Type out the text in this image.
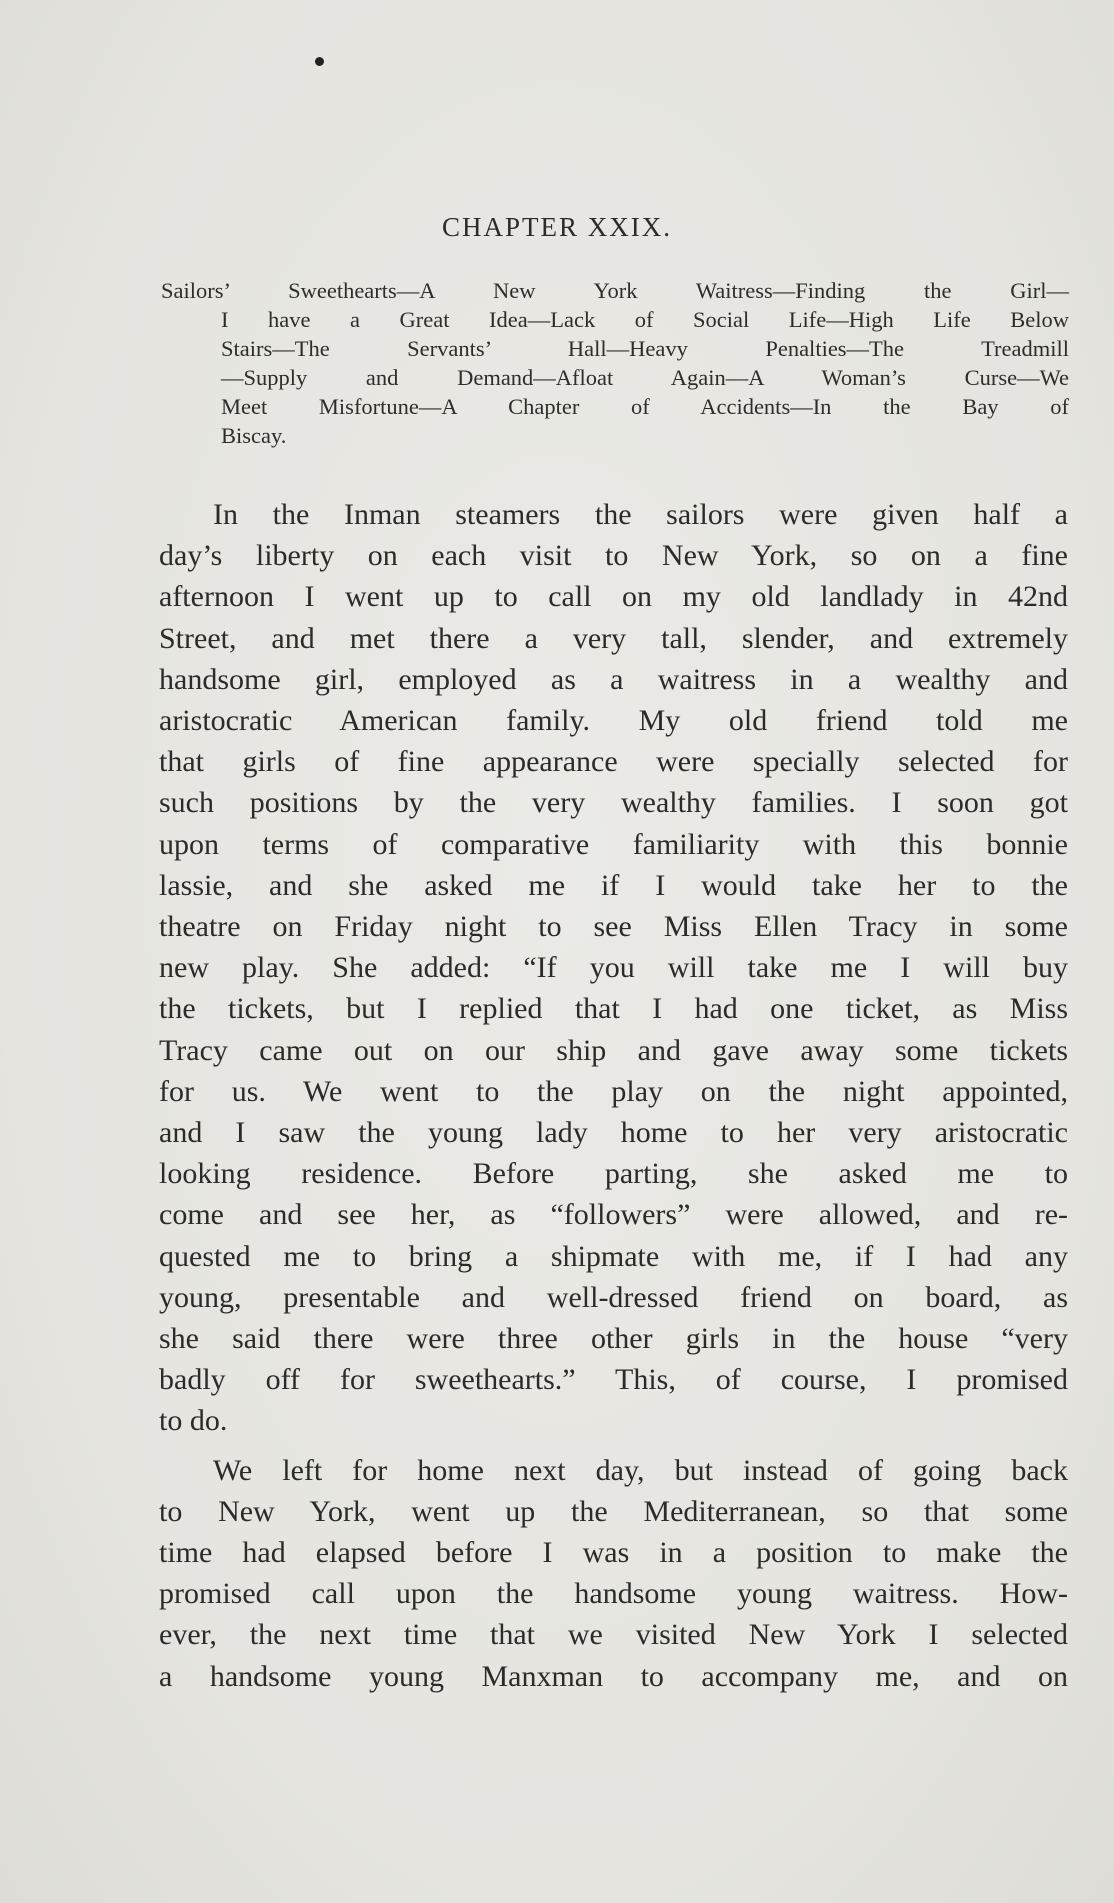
CHAPTER XXIX.
Sailors’ Sweethearts—A New York Waitress—Finding the Girl—
I have a Great Idea—Lack of Social Life—High Life Below
Stairs—The Servants’ Hall—Heavy Penalties—The Treadmill
—Supply and Demand—Afloat Again—A Woman’s Curse—We
Meet Misfortune—A Chapter of Accidents—In the Bay of
Biscay.
In the Inman steamers the sailors were given half a
day’s liberty on each visit to New York, so on a fine
afternoon I went up to call on my old landlady in 42nd
Street, and met there a very tall, slender, and extremely
handsome girl, employed as a waitress in a wealthy and
aristocratic American family. My old friend told me
that girls of fine appearance were specially selected for
such positions by the very wealthy families. I soon got
upon terms of comparative familiarity with this bonnie
lassie, and she asked me if I would take her to the
theatre on Friday night to see Miss Ellen Tracy in some
new play. She added: “If you will take me I will buy
the tickets, but I replied that I had one ticket, as Miss
Tracy came out on our ship and gave away some tickets
for us. We went to the play on the night appointed,
and I saw the young lady home to her very aristocratic
looking residence. Before parting, she asked me to
come and see her, as “followers” were allowed, and re-
quested me to bring a shipmate with me, if I had any
young, presentable and well-dressed friend on board, as
she said there were three other girls in the house “very
badly off for sweethearts.” This, of course, I promised
to do.
We left for home next day, but instead of going back
to New York, went up the Mediterranean, so that some
time had elapsed before I was in a position to make the
promised call upon the handsome young waitress. How-
ever, the next time that we visited New York I selected
a handsome young Manxman to accompany me, and on
